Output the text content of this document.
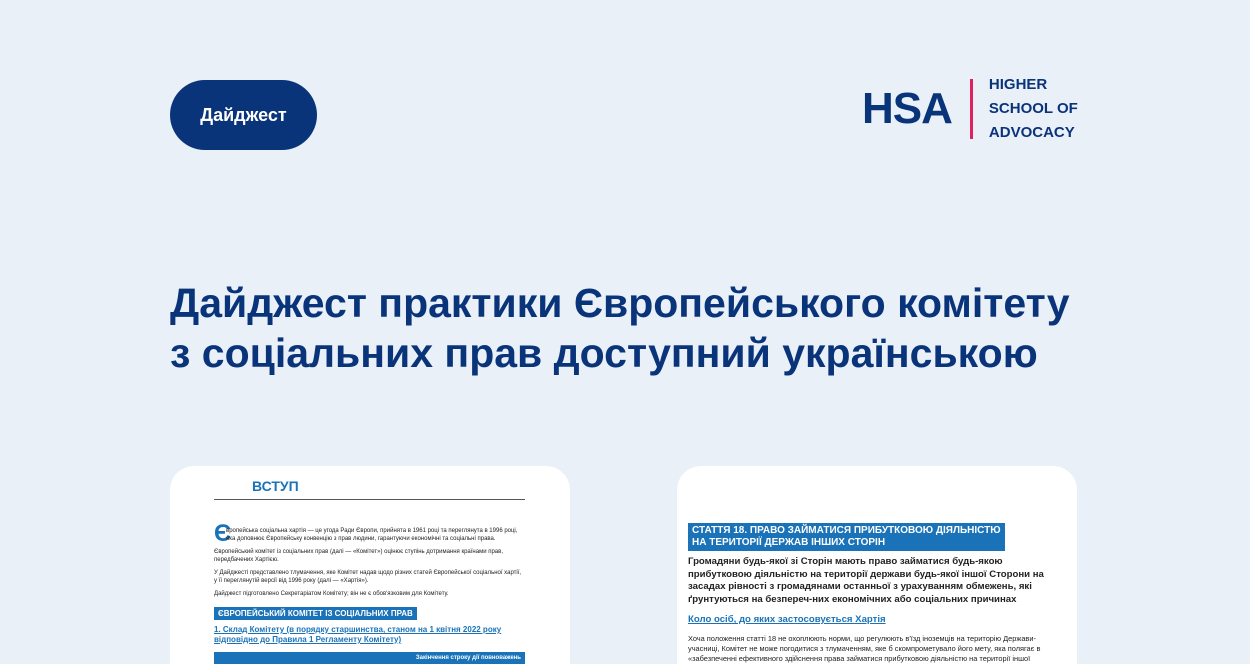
Дайджест	HSA HIGHER
SCHOOL OF
ADVOCACY
Дайджест практики Європейського комітету
з соціальних прав доступний українською
ВСТУП
Є
вропейська соціальна хартія — це угода Ради Європи, прийнята в 1961 році та переглянута в 1996 році, яка доповнює Європейську конвенцію з прав людини, гарантуючи економічні та соціальні права.
Європейський комітет із соціальних прав (далі — «Комітет») оцінює ступінь дотримання країнами прав, передбачених Хартією.
У Дайджесті представлено тлумачення, яке Комітет надав щодо різних статей Європейської соціальної хартії, у її переглянутій версії від 1996 року (далі — «Хартія»).
Дайджест підготовлено Секретаріатом Комітету; він не є обов'язковим для Комітету.
ЄВРОПЕЙСЬКИЙ КОМІТЕТ ІЗ СОЦІАЛЬНИХ ПРАВ
1. Склад Комітету (в порядку старшинства, станом на 1 квітня 2022 року відповідно до Правила 1 Регламенту Комітету)
Закінчення строку дії повноважень
СТАТТЯ 18. ПРАВО ЗАЙМАТИСЯ ПРИБУТКОВОЮ ДІЯЛЬНІСТЮ
НА ТЕРИТОРІЇ ДЕРЖАВ ІНШИХ СТОРІН
Громадяни будь-якої зі Сторін мають право займатися будь-якою прибутковою діяльністю на території держави будь-якої іншої Сторони на засадах рівності з громадянами останньої з урахуванням обмежень, які ґрунтуються на безпереч-них економічних або соціальних причинах
Коло осіб, до яких застосовується Хартія
Хоча положення статті 18 не охоплюють норми, що регулюють в'їзд іноземців на територію Держави-учасниці, Комітет не може погодитися з тлумаченням, яке б скомпрометувало його мету, яка полягає в «забезпеченні ефективного здійснення права займатися прибутковою діяльністю на території іншої
